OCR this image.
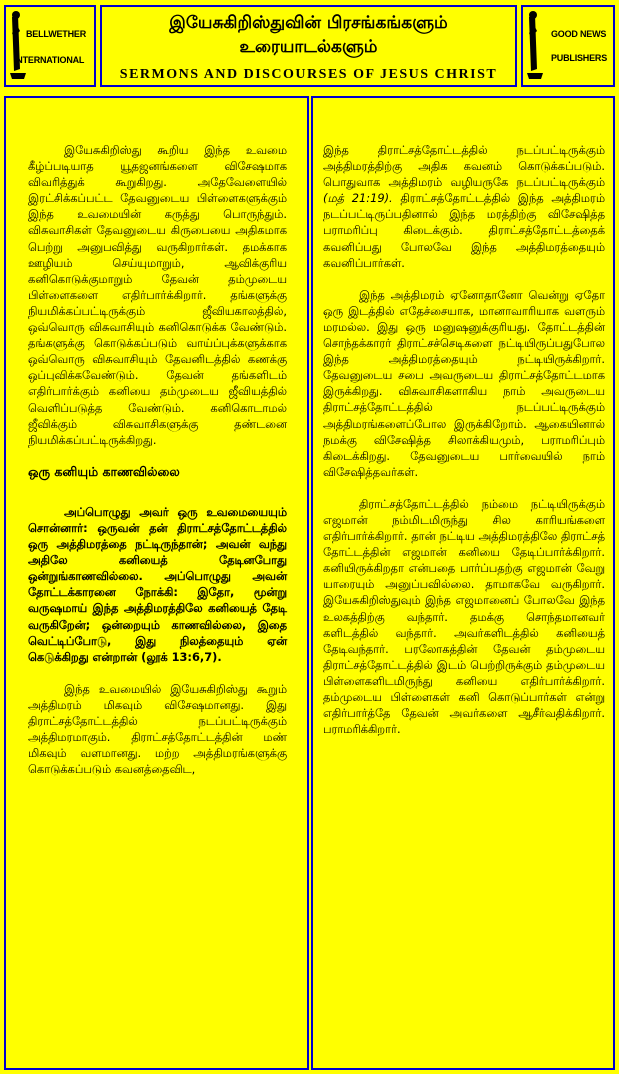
BELLWETHER
INTERNATIONAL
இயேசுகிறிஸ்துவின் பிரசங்கங்களும்
உரையாடல்களும்
SERMONS AND DISCOURSES OF JESUS CHRIST
GOOD NEWS
PUBLISHERS

இயேசுகிறிஸ்து கூறிய இந்த உவமை கீழ்ப்படியாத யூதஜனங்களை விசேஷமாக விவரித்துக் கூறுகிறது. அதேவேளையில் இரட்சிக்கப்பட்ட தேவனுடைய பிள்ளைகளுக்கும் இந்த உவமையின் கருத்து பொருந்தும். விசுவாசிகள் தேவனுடைய கிருபையை அதிகமாக பெற்று அனுபவித்து வருகிறார்கள். தமக்காக ஊழியம் செய்யுமாறும், ஆவிக்குரிய கனிகொடுக்குமாறும் தேவன் தம்முடைய பிள்ளைகளை எதிர்பார்க்கிறார். தங்களுக்கு நியமிக்கப்பட்டிருக்கும் ஜீவியகாலத்தில், ஒவ்வொரு விசுவாசியும் கனிகொடுக்க வேண்டும். தங்களுக்கு கொடுக்கப்படும் வாய்ப்புக்களுக்காக ஒவ்வொரு விசுவாசியும் தேவனிடத்தில் கணக்கு ஒப்புவிக்கவேண்டும். தேவன் தங்களிடம் எதிர்பார்க்கும் கனியை தம்முடைய ஜீவியத்தில் வெளிப்படுத்த வேண்டும். கனிகொடாமல் ஜீவிக்கும் விசுவாசிகளுக்கு தண்டனை நியமிக்கப்பட்டிருக்கிறது.

ஒரு கனியும் காணவில்லை

அப்பொழுது அவர் ஒரு உவமையையும் சொன்னார்: ஒருவன் தன் திராட்சத்தோட்டத்தில் ஒரு அத்திமரத்தை நட்டிருந்தான்; அவன் வந்து அதிலே கனியைத் தேடினபோது ஒன்றுங்காணவில்லை. அப்பொழுது அவன் தோட்டக்காரனை நோக்கி: இதோ, மூன்று வருஷமாய் இந்த அத்திமரத்திலே கனியைத் தேடி வருகிறேன்; ஒன்றையும் காணவில்லை, இதை வெட்டிப்போடு, இது நிலத்தையும் ஏன் கெடுக்கிறது என்றான் (லூக் 13:6,7).

இந்த உவமையில் இயேசுகிறிஸ்து கூறும் அத்திமரம் மிகவும் விசேஷமானது. இது திராட்சத்தோட்டத்தில் நடப்பட்டிருக்கும் அத்திமரமாகும். திராட்சத்தோட்டத்தின் மண் மிகவும் வளமானது. மற்ற அத்திமரங்களுக்கு கொடுக்கப்படும் கவனத்தைவிட,

இந்த திராட்சத்தோட்டத்தில் நடப்பட்டிருக்கும் அத்திமரத்திற்கு அதிக கவனம் கொடுக்கப்படும். பொதுவாக அத்திமரம் வழியருகே நடப்பட்டிருக்கும் (மத் 21:19). திராட்சத்தோட்டத்தில் இந்த அத்திமரம் நடப்பட்டிருப்பதினால் இந்த மரத்திற்கு விசேஷித்த பராமரிப்பு கிடைக்கும். திராட்சத்தோட்டத்தைக் கவனிப்பது போலவே இந்த அத்திமரத்தையும் கவனிப்பார்கள்.

இந்த அத்திமரம் ஏனோதானோ வென்று ஏதோ ஒரு இடத்தில் எதேச்சையாக, மானாவாரியாக வளரும் மரமல்ல. இது ஒரு மனுஷனுக்குரியது. தோட்டத்தின் சொந்தக்காரர் திராட்சச்செடிகளை நட்டியிருப்பதுபோல இந்த அத்திமரத்தையும் நட்டியிருக்கிறார். தேவனுடைய சபை அவருடைய திராட்சத்தோட்டமாக இருக்கிறது. விசுவாசிகளாகிய நாம் அவருடைய திராட்சத்தோட்டத்தில் நடப்பட்டிருக்கும் அத்திமரங்களைப்போல இருக்கிறோம். ஆகையினால் நமக்கு விசேஷித்த சிலாக்கியமும், பராமரிப்பும் கிடைக்கிறது. தேவனுடைய பார்வையில் நாம் விசேஷித்தவர்கள்.

திராட்சத்தோட்டத்தில் நம்மை நட்டியிருக்கும் எஜமான் நம்மிடமிருந்து சில காரியங்களை எதிர்பார்க்கிறார். தான் நட்டிய அத்திமரத்திலே திராட்சத் தோட்டத்தின் எஜமான் கனியை தேடிப்பார்க்கிறார். கனியிருக்கிறதா என்பதை பார்ப்பதற்கு எஜமான் வேறு யாரையும் அனுப்பவில்லை. தாமாகவே வருகிறார். இயேசுகிறிஸ்துவும் இந்த எஜமானைப் போலவே இந்த உலகத்திற்கு வந்தார். தமக்கு சொந்தமானவர் களிடத்தில் வந்தார். அவர்களிடத்தில் கனியைத் தேடிவந்தார். பரலோகத்தின் தேவன் தம்முடைய திராட்சத்தோட்டத்தில் இடம் பெற்றிருக்கும் தம்முடைய பிள்ளைகளிடமிருந்து கனியை எதிர்பார்க்கிறார். தம்முடைய பிள்ளைகள் கனி கொடுப்பார்கள் என்று எதிர்பார்த்தே தேவன் அவர்களை ஆசீர்வதிக்கிறார். பராமரிக்கிறார்.
